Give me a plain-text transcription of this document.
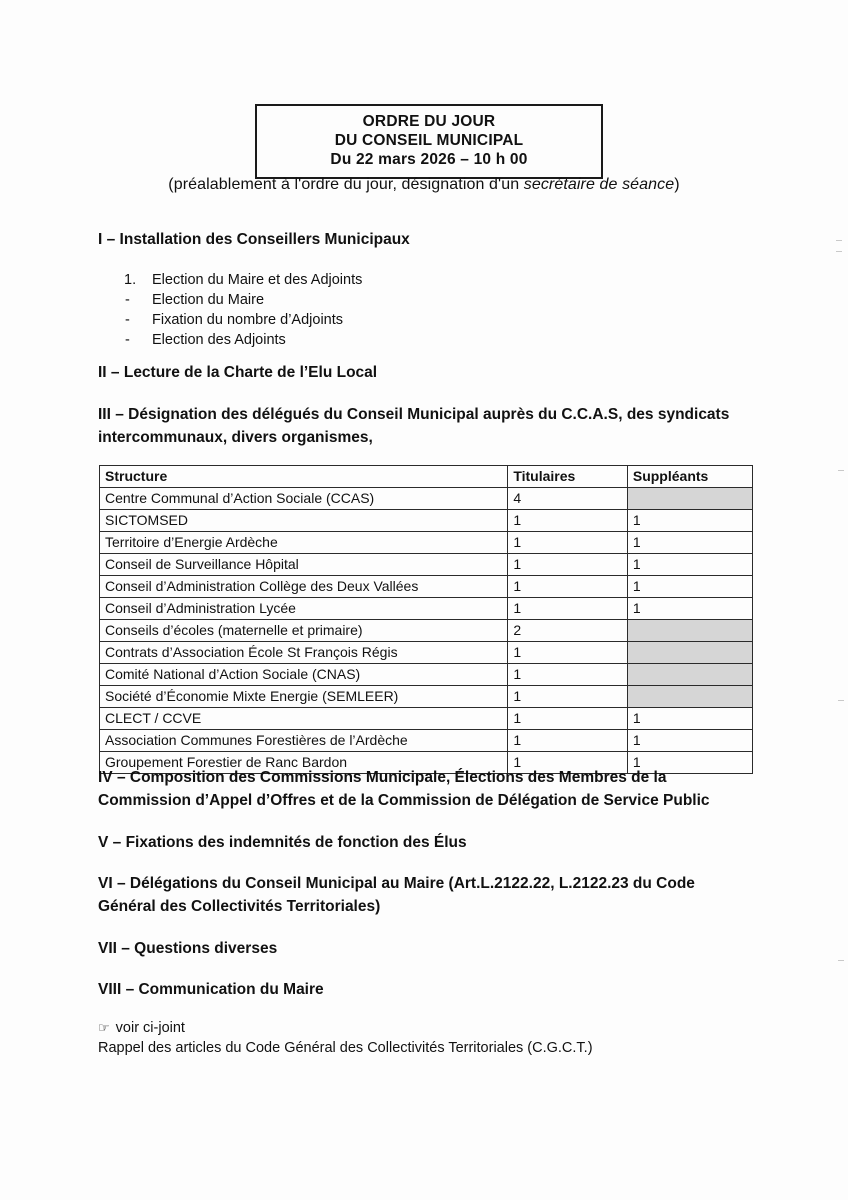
ORDRE DU JOUR
DU CONSEIL MUNICIPAL
Du 22 mars 2026 – 10 h 00
(préalablement à l'ordre du jour, désignation d'un secrétaire de séance)
I – Installation des Conseillers Municipaux
1.	Election du Maire et des Adjoints
-	Election du Maire
-	Fixation du nombre d’Adjoints
-	Election des Adjoints
II – Lecture de la Charte de l’Elu Local
III – Désignation des délégués du Conseil Municipal auprès du C.C.A.S, des syndicats
intercommunaux, divers organismes,
Structure	Titulaires	Suppléants
Centre Communal d’Action Sociale (CCAS)	4	
SICTOMSED	1	1
Territoire d’Energie Ardèche	1	1
Conseil de Surveillance Hôpital	1	1
Conseil d’Administration Collège des Deux Vallées	1	1
Conseil d’Administration Lycée	1	1
Conseils d’écoles (maternelle et primaire)	2	
Contrats d’Association École St François Régis	1	
Comité National d’Action Sociale (CNAS)	1	
Société d’Économie Mixte Energie (SEMLEER)	1	
CLECT / CCVE	1	1
Association Communes Forestières de l’Ardèche	1	1
Groupement Forestier de Ranc Bardon	1	1
IV – Composition des Commissions Municipale, Élections des Membres de la
Commission d’Appel d’Offres et de la Commission de Délégation de Service Public
V – Fixations des indemnités de fonction des Élus
VI – Délégations du Conseil Municipal au Maire (Art.L.2122.22, L.2122.23 du Code
Général des Collectivités Territoriales)
VII – Questions diverses
VIII – Communication du Maire
☞ voir ci-joint
Rappel des articles du Code Général des Collectivités Territoriales (C.G.C.T.)
